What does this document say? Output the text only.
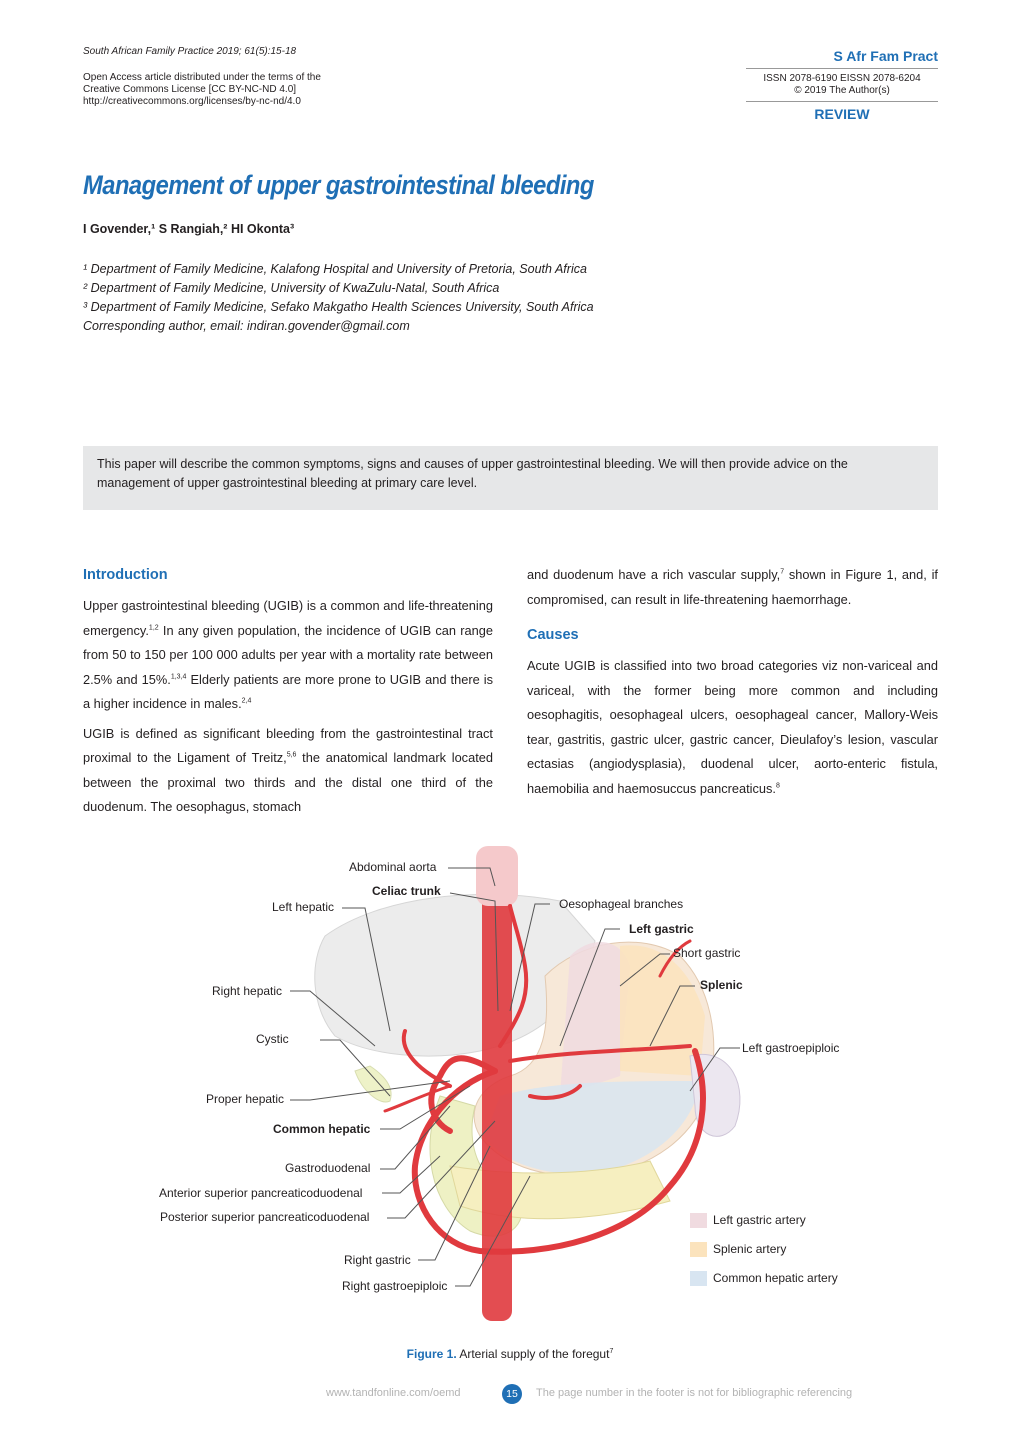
South African Family Practice 2019; 61(5):15-18
Open Access article distributed under the terms of the
Creative Commons License [CC BY-NC-ND 4.0]
http://creativecommons.org/licenses/by-nc-nd/4.0
S Afr Fam Pract
ISSN 2078-6190 EISSN 2078-6204
© 2019 The Author(s)
REVIEW
Management of upper gastrointestinal bleeding
I Govender,¹ S Rangiah,² HI Okonta³
¹ Department of Family Medicine, Kalafong Hospital and University of Pretoria, South Africa
² Department of Family Medicine, University of KwaZulu-Natal, South Africa
³ Department of Family Medicine, Sefako Makgatho Health Sciences University, South Africa
Corresponding author, email: indiran.govender@gmail.com
This paper will describe the common symptoms, signs and causes of upper gastrointestinal bleeding. We will then provide advice on the management of upper gastrointestinal bleeding at primary care level.
Introduction

Upper gastrointestinal bleeding (UGIB) is a common and life-threatening emergency.$^{1,2}$ In any given population, the incidence of UGIB can range from 50 to 150 per 100 000 adults per year with a mortality rate between 2.5% and 15%.$^{1,3,4}$ Elderly patients are more prone to UGIB and there is a higher incidence in males.$^{2,4}$

UGIB is defined as significant bleeding from the gastrointestinal tract proximal to the Ligament of Treitz,$^{5,6}$ the anatomical landmark located between the proximal two thirds and the distal one third of the duodenum. The oesophagus, stomach

and duodenum have a rich vascular supply,$^7$ shown in Figure 1, and, if compromised, can result in life-threatening haemorrhage.

Causes

Acute UGIB is classified into two broad categories viz non-variceal and variceal, with the former being more common and including oesophagitis, oesophageal ulcers, oesophageal cancer, Mallory-Weis tear, gastritis, gastric ulcer, gastric cancer, Dieulafoy’s lesion, vascular ectasias (angiodysplasia), duodenal ulcer, aorto-enteric fistula, haemobilia and haemosuccus pancreaticus.$^8$

Abdominal aorta
Celiac trunk
Left hepatic	Oesophageal branches
Left gastric
Short gastric
Right hepatic	Splenic
Cystic
Left gastroepiploic
Proper hepatic
Common hepatic
Gastroduodenal
Anterior superior pancreaticoduodenal
Posterior superior pancreaticoduodenal
Right gastric
Right gastroepiploic
Left gastric artery
Splenic artery
Common hepatic artery
Figure 1. Arterial supply of the foregut$^7$
www.tandfonline.com/oemd	15	The page number in the footer is not for bibliographic referencing
